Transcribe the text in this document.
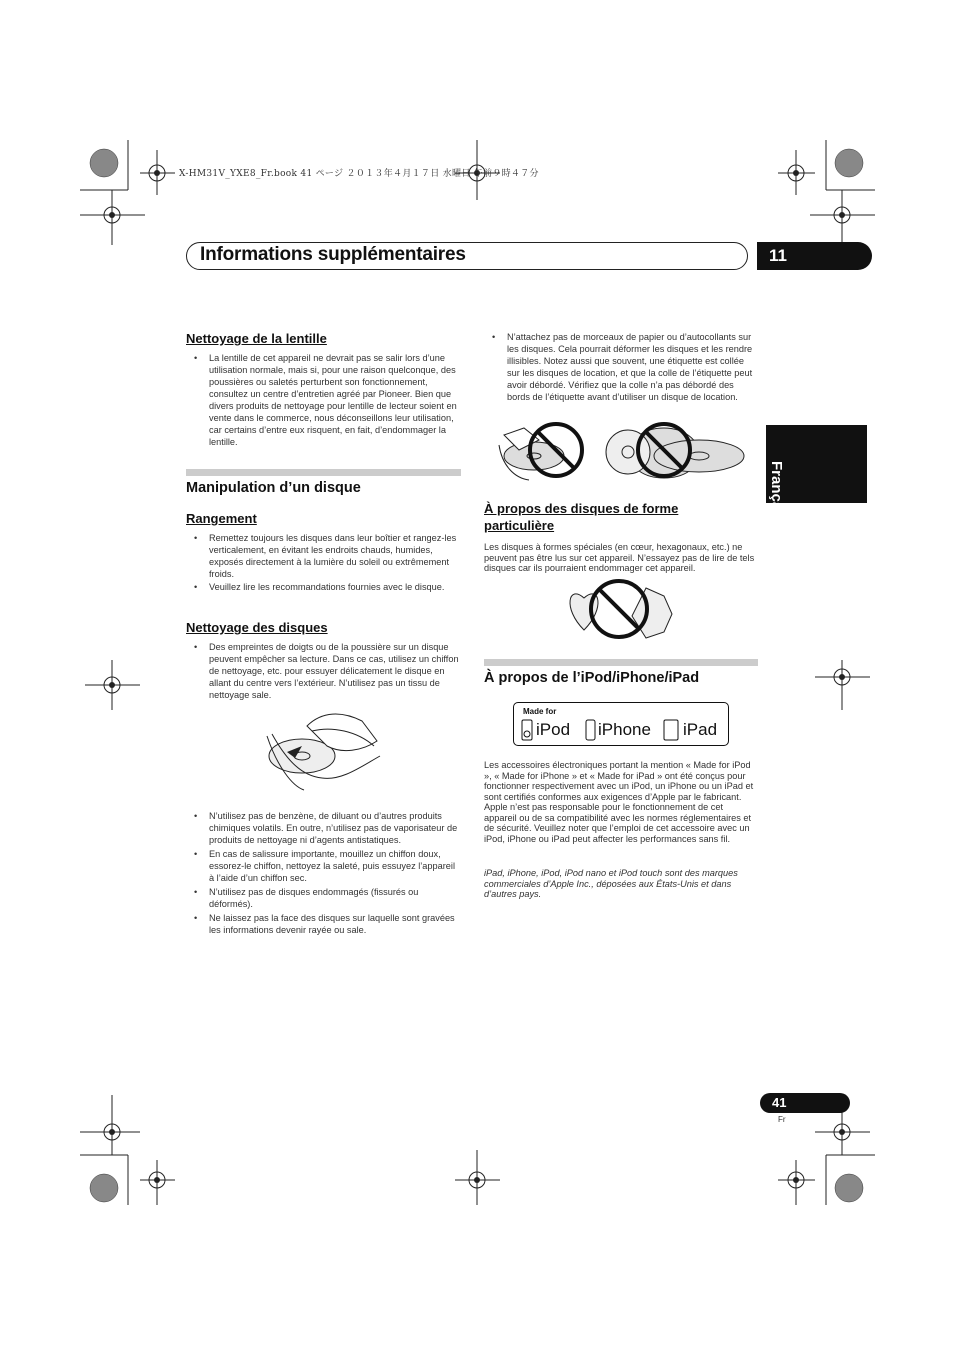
X-HM31V_YXE8_Fr.book 41 ページ ２０１３年４月１７日 水曜日 午前９時４７分
Informations supplémentaires	11
Français
Nettoyage de la lentille
• La lentille de cet appareil ne devrait pas se salir lors d’une utilisation normale, mais si, pour une raison quelconque, des poussières ou saletés perturbent son fonctionnement, consultez un centre d’entretien agréé par Pioneer. Bien que divers produits de nettoyage pour lentille de lecteur soient en vente dans le commerce, nous déconseillons leur utilisation, car certains d’entre eux risquent, en fait, d’endommager la lentille.
Manipulation d’un disque
Rangement
• Remettez toujours les disques dans leur boîtier et rangez-les verticalement, en évitant les endroits chauds, humides, exposés directement à la lumière du soleil ou extrêmement froids.
• Veuillez lire les recommandations fournies avec le disque.
Nettoyage des disques
• Des empreintes de doigts ou de la poussière sur un disque peuvent empêcher sa lecture. Dans ce cas, utilisez un chiffon de nettoyage, etc. pour essuyer délicatement le disque en allant du centre vers l’extérieur. N’utilisez pas un tissu de nettoyage sale.
• N’utilisez pas de benzène, de diluant ou d’autres produits chimiques volatils. En outre, n’utilisez pas de vaporisateur de produits de nettoyage ni d’agents antistatiques.
• En cas de salissure importante, mouillez un chiffon doux, essorez-le chiffon, nettoyez la saleté, puis essuyez l’appareil à l’aide d’un chiffon sec.
• N’utilisez pas de disques endommagés (fissurés ou déformés).
• Ne laissez pas la face des disques sur laquelle sont gravées les informations devenir rayée ou sale.
• N’attachez pas de morceaux de papier ou d’autocollants sur les disques. Cela pourrait déformer les disques et les rendre illisibles. Notez aussi que souvent, une étiquette est collée sur les disques de location, et que la colle de l’étiquette peut avoir débordé. Vérifiez que la colle n’a pas débordé des bords de l’étiquette avant d’utiliser un disque de location.
À propos des disques de forme particulière
Les disques à formes spéciales (en cœur, hexagonaux, etc.) ne peuvent pas être lus sur cet appareil. N’essayez pas de lire de tels disques car ils pourraient endommager cet appareil.
À propos de l’iPod/iPhone/iPad
Made for
iPod iPhone iPad
Les accessoires électroniques portant la mention « Made for iPod », « Made for iPhone » et « Made for iPad » ont été conçus pour fonctionner respectivement avec un iPod, un iPhone ou un iPad et sont certifiés conformes aux exigences d’Apple par le fabricant. Apple n’est pas responsable pour le fonctionnement de cet appareil ou de sa compatibilité avec les normes réglementaires et de sécurité. Veuillez noter que l’emploi de cet accessoire avec un iPod, iPhone ou iPad peut affecter les performances sans fil.
iPad, iPhone, iPod, iPod nano et iPod touch sont des marques commerciales d’Apple Inc., déposées aux États-Unis et dans d’autres pays.
41
Fr
